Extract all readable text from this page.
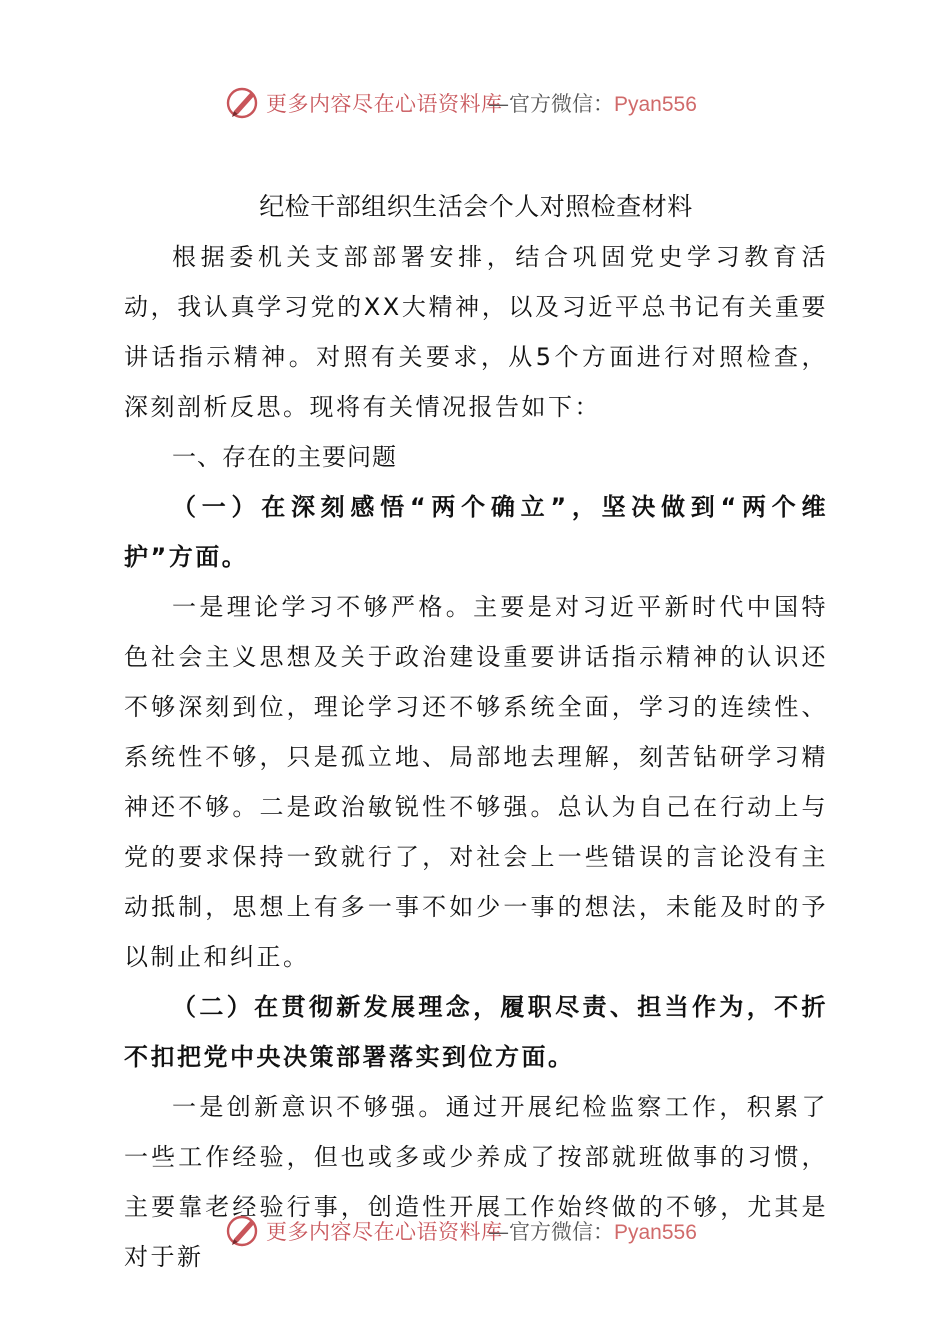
更多内容尽在心语资料库
—官方微信：Pyan556

纪检干部组织生活会个人对照检查材料

根据委机关支部部署安排，结合巩固党史学习教育活动，我认真学习党的XX大精神，以及习近平总书记有关重要讲话指示精神。对照有关要求，从5个方面进行对照检查，深刻剖析反思。现将有关情况报告如下：

一、存在的主要问题

（一）在深刻感悟“两个确立”，坚决做到“两个维护”方面。

一是理论学习不够严格。主要是对习近平新时代中国特色社会主义思想及关于政治建设重要讲话指示精神的认识还不够深刻到位，理论学习还不够系统全面，学习的连续性、系统性不够，只是孤立地、局部地去理解，刻苦钻研学习精神还不够。二是政治敏锐性不够强。总认为自己在行动上与党的要求保持一致就行了，对社会上一些错误的言论没有主动抵制，思想上有多一事不如少一事的想法，未能及时的予以制止和纠正。

（二）在贯彻新发展理念，履职尽责、担当作为，不折不扣把党中央决策部署落实到位方面。

一是创新意识不够强。通过开展纪检监察工作，积累了一些工作经验，但也或多或少养成了按部就班做事的习惯，主要靠老经验行事，创造性开展工作始终做的不够，尤其是对于新

更多内容尽在心语资料库
—官方微信：Pyan556
